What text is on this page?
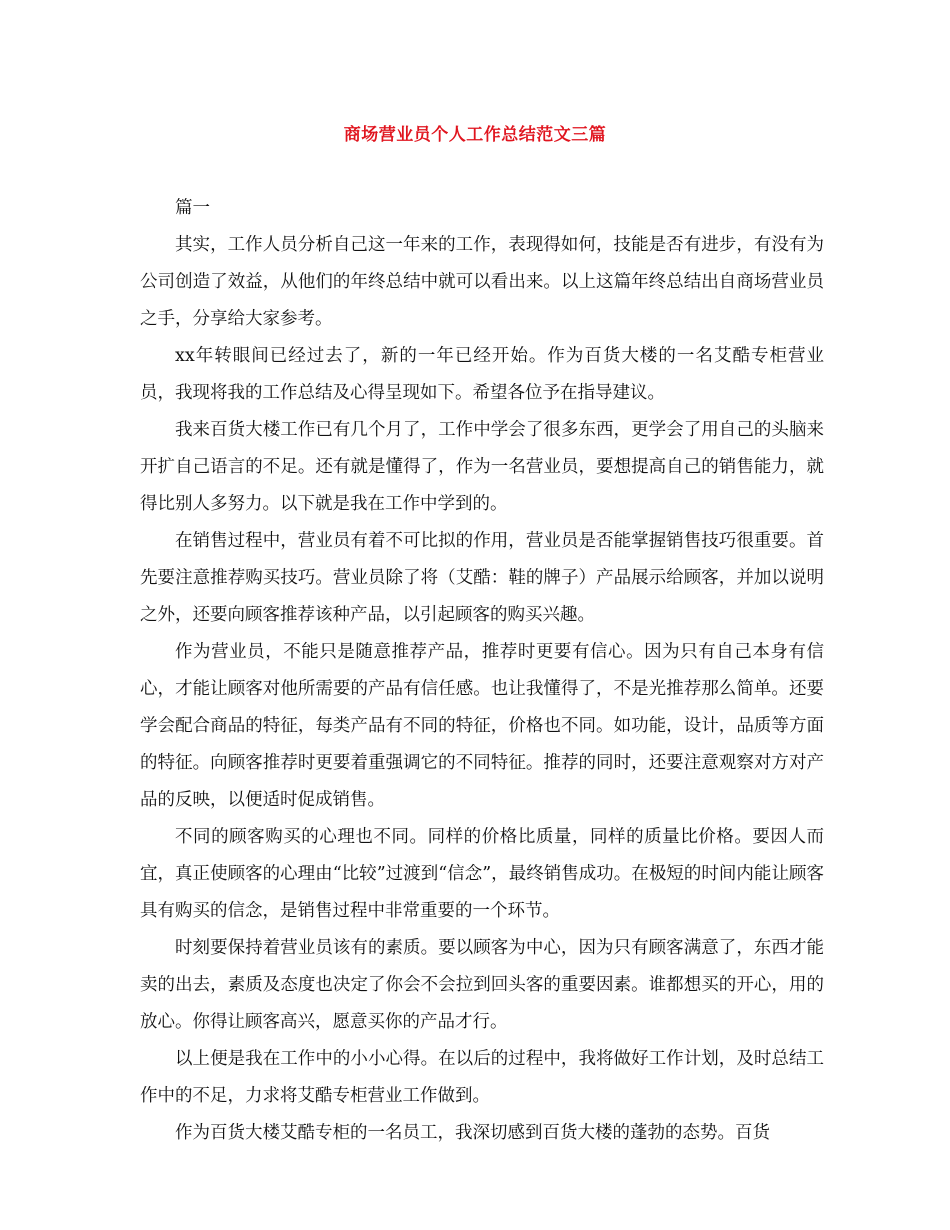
商场营业员个人工作总结范文三篇

篇一

其实，工作人员分析自己这一年来的工作，表现得如何，技能是否有进步，有没有为公司创造了效益，从他们的年终总结中就可以看出来。以上这篇年终总结出自商场营业员之手，分享给大家参考。

xx年转眼间已经过去了，新的一年已经开始。作为百货大楼的一名艾酷专柜营业员，我现将我的工作总结及心得呈现如下。希望各位予在指导建议。

我来百货大楼工作已有几个月了，工作中学会了很多东西，更学会了用自己的头脑来开扩自己语言的不足。还有就是懂得了，作为一名营业员，要想提高自己的销售能力，就得比别人多努力。以下就是我在工作中学到的。

在销售过程中，营业员有着不可比拟的作用，营业员是否能掌握销售技巧很重要。首先要注意推荐购买技巧。营业员除了将（艾酷：鞋的牌子）产品展示给顾客，并加以说明之外，还要向顾客推荐该种产品，以引起顾客的购买兴趣。

作为营业员，不能只是随意推荐产品，推荐时更要有信心。因为只有自己本身有信心，才能让顾客对他所需要的产品有信任感。也让我懂得了，不是光推荐那么简单。还要学会配合商品的特征，每类产品有不同的特征，价格也不同。如功能，设计，品质等方面的特征。向顾客推荐时更要着重强调它的不同特征。推荐的同时，还要注意观察对方对产品的反映，以便适时促成销售。

不同的顾客购买的心理也不同。同样的价格比质量，同样的质量比价格。要因人而宜，真正使顾客的心理由“比较”过渡到“信念”，最终销售成功。在极短的时间内能让顾客具有购买的信念，是销售过程中非常重要的一个环节。

时刻要保持着营业员该有的素质。要以顾客为中心，因为只有顾客满意了，东西才能卖的出去，素质及态度也决定了你会不会拉到回头客的重要因素。谁都想买的开心，用的放心。你得让顾客高兴，愿意买你的产品才行。

以上便是我在工作中的小小心得。在以后的过程中，我将做好工作计划，及时总结工作中的不足，力求将艾酷专柜营业工作做到。

作为百货大楼艾酷专柜的一名员工，我深切感到百货大楼的蓬勃的态势。百货
